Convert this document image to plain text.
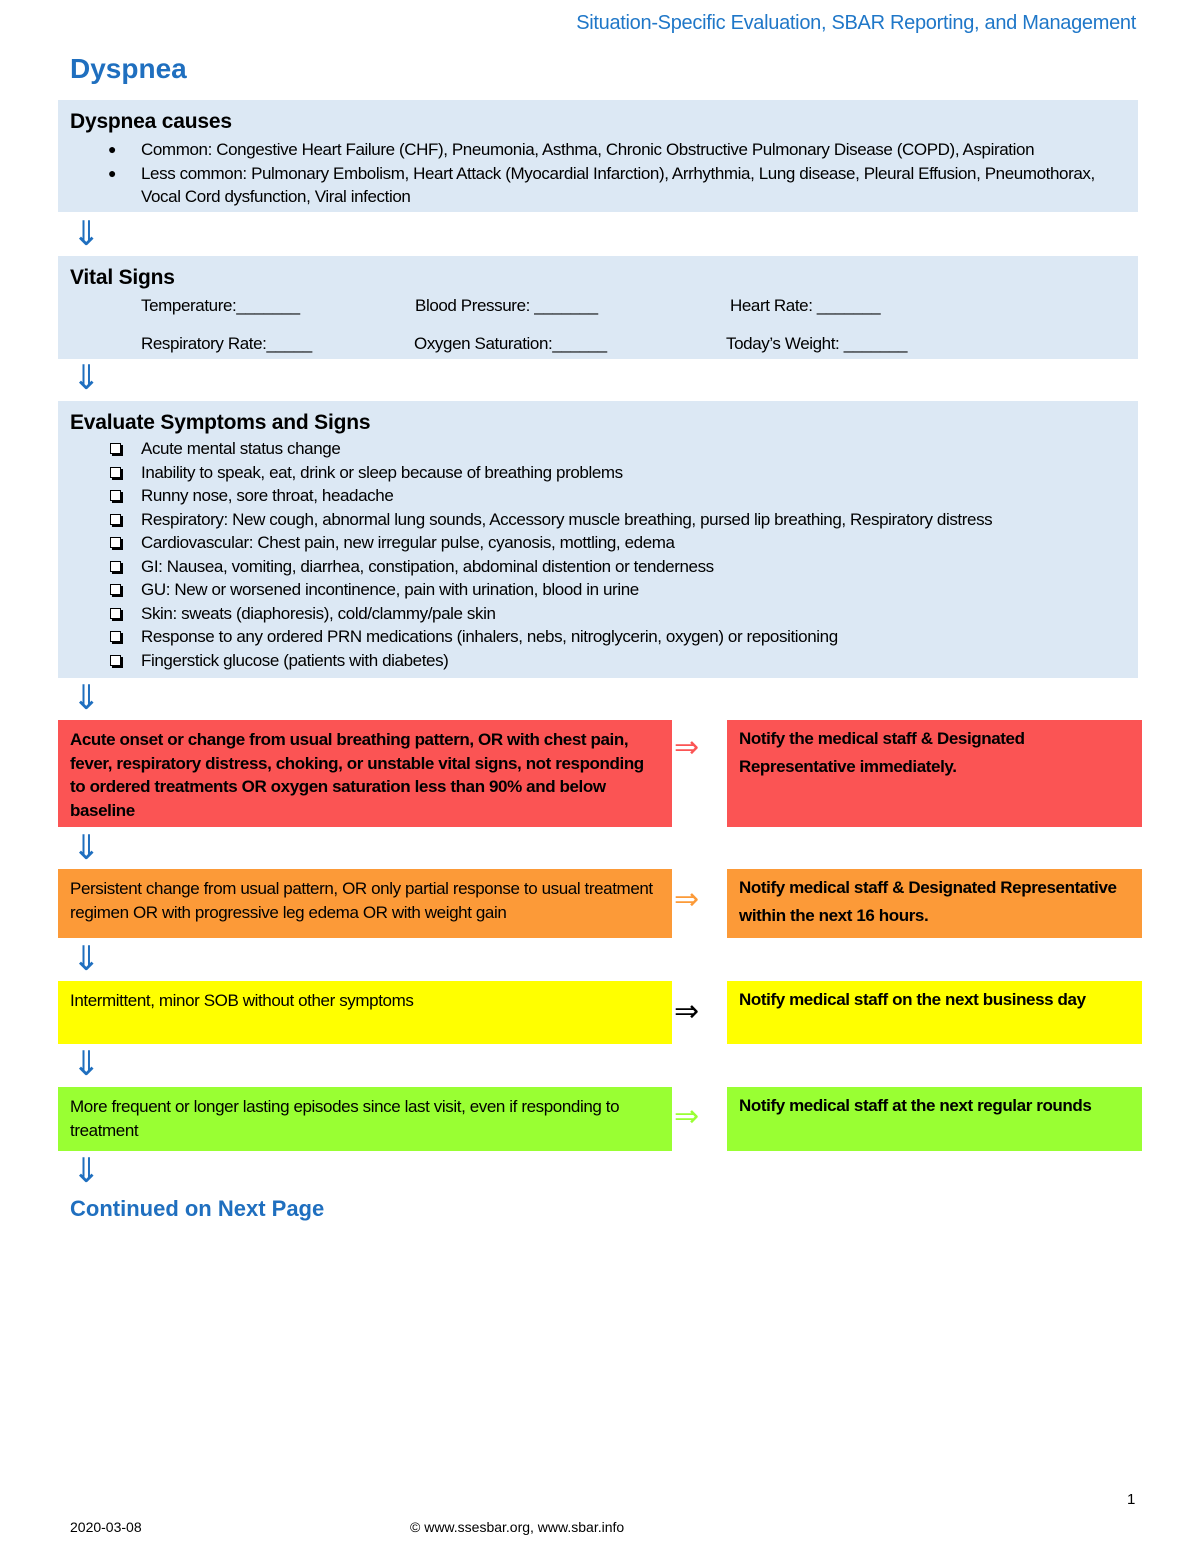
Situation-Specific Evaluation, SBAR Reporting, and Management
Dyspnea
Dyspnea causes
● Common: Congestive Heart Failure (CHF), Pneumonia, Asthma, Chronic Obstructive Pulmonary Disease (COPD), Aspiration
● Less common: Pulmonary Embolism, Heart Attack (Myocardial Infarction), Arrhythmia, Lung disease, Pleural Effusion, Pneumothorax, Vocal Cord dysfunction, Viral infection
⇓
Vital Signs
Temperature:_______	Blood Pressure: _______	Heart Rate: _______
Respiratory Rate:_____	Oxygen Saturation:______	Today’s Weight: _______
⇓
Evaluate Symptoms and Signs
Acute mental status change
Inability to speak, eat, drink or sleep because of breathing problems
Runny nose, sore throat, headache
Respiratory: New cough, abnormal lung sounds, Accessory muscle breathing, pursed lip breathing, Respiratory distress
Cardiovascular: Chest pain, new irregular pulse, cyanosis, mottling, edema
GI: Nausea, vomiting, diarrhea, constipation, abdominal distention or tenderness
GU: New or worsened incontinence, pain with urination, blood in urine
Skin: sweats (diaphoresis), cold/clammy/pale skin
Response to any ordered PRN medications (inhalers, nebs, nitroglycerin, oxygen) or repositioning
Fingerstick glucose (patients with diabetes)
⇓
Acute onset or change from usual breathing pattern, OR with chest pain, fever, respiratory distress, choking, or unstable vital signs, not responding to ordered treatments OR oxygen saturation less than 90% and below baseline
⇒	Notify the medical staff & Designated Representative immediately.
⇓
Persistent change from usual pattern, OR only partial response to usual treatment regimen OR with progressive leg edema OR with weight gain	⇒	Notify medical staff & Designated Representative within the next 16 hours.
⇓
Intermittent, minor SOB without other symptoms	⇒	Notify medical staff on the next business day
⇓
More frequent or longer lasting episodes since last visit, even if responding to treatment	⇒	Notify medical staff at the next regular rounds
⇓
Continued on Next Page
1
2020-03-08	© www.ssesbar.org, www.sbar.info
